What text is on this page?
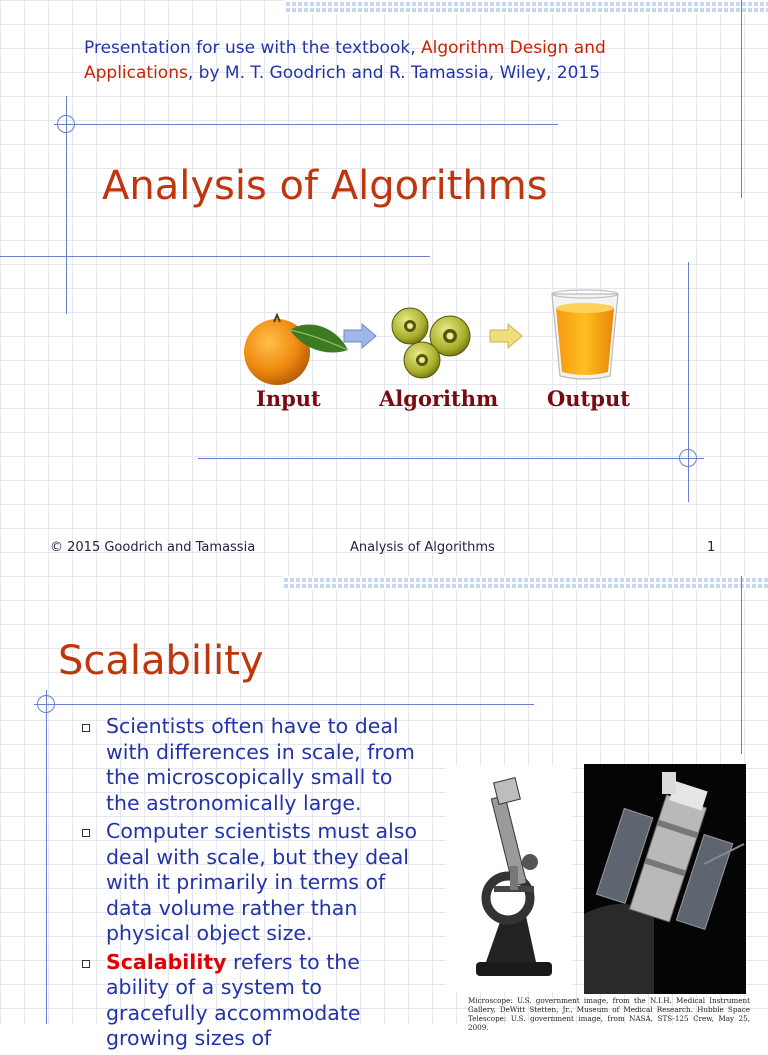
Presentation for use with the textbook, Algorithm Design and Applications, by M. T. Goodrich and R. Tamassia, Wiley, 2015
Analysis of Algorithms
Input	Algorithm Output
© 2015 Goodrich and Tamassia	Analysis of Algorithms	1
Scalability
Scientists often have to deal with differences in scale, from the microscopically small to the astronomically large.
Computer scientists must also deal with scale, but they deal with it primarily in terms of data volume rather than physical object size.
Scalability refers to the ability of a system to gracefully accommodate growing sizes of
Microscope: U.S. government image, from the N.I.H. Medical Instrument Gallery, DeWitt Stetten, Jr., Museum of Medical Research. Hubble Space Telescope: U.S. government image, from NASA, STS-125 Crew, May 25, 2009.
